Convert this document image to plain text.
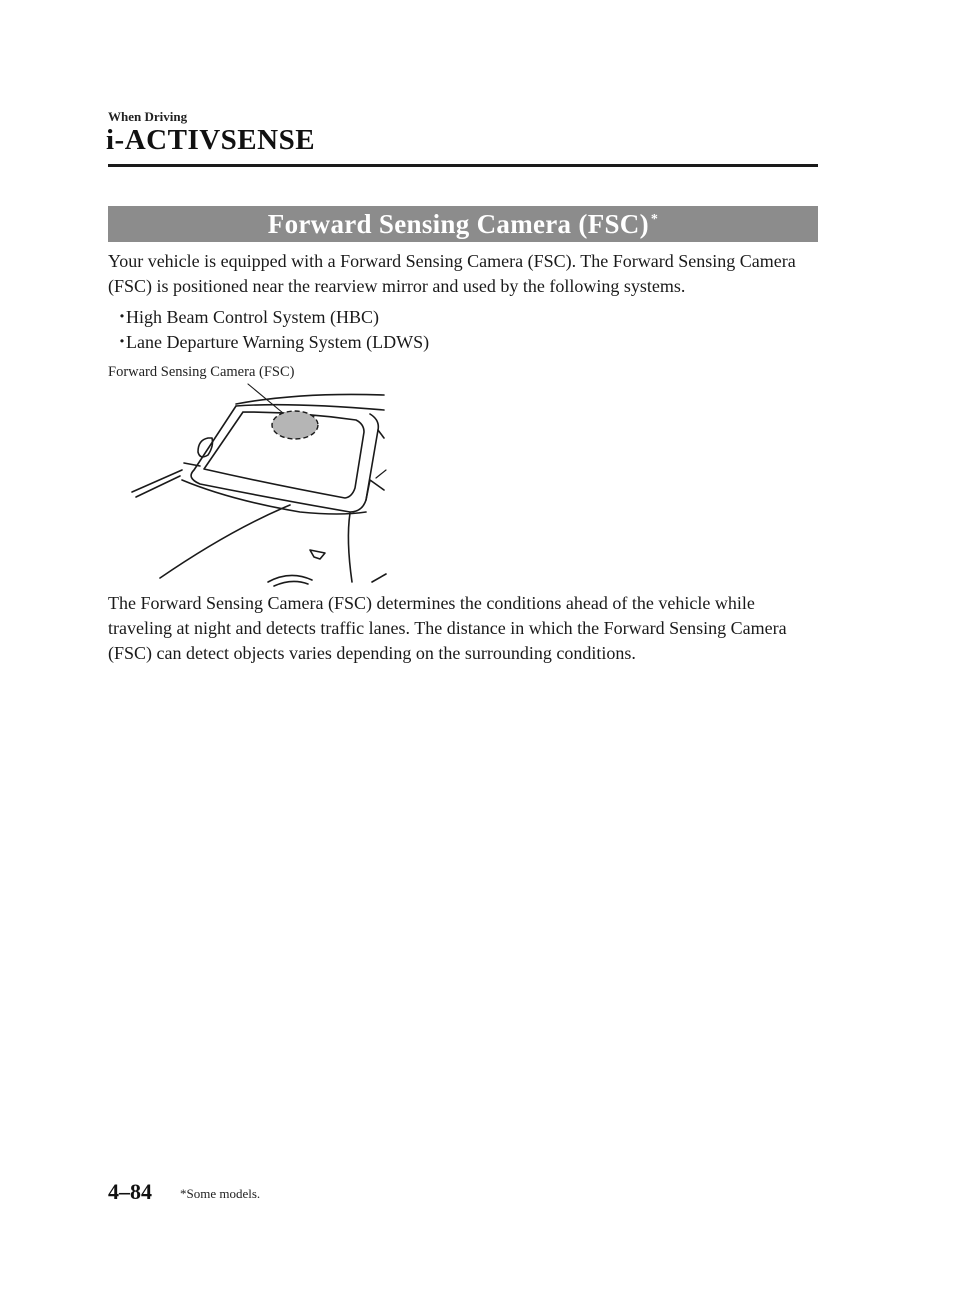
When Driving
i-ACTIVSENSE
Forward Sensing Camera (FSC) *

Your vehicle is equipped with a Forward Sensing Camera (FSC). The Forward Sensing Camera (FSC) is positioned near the rearview mirror and used by the following systems.

・
High Beam Control System (HBC)
・
Lane Departure Warning System (LDWS)
Forward Sensing Camera (FSC)

The Forward Sensing Camera (FSC) determines the conditions ahead of the vehicle while traveling at night and detects traffic lanes. The distance in which the Forward Sensing Camera (FSC) can detect objects varies depending on the surrounding conditions.

4–84 *Some models.
